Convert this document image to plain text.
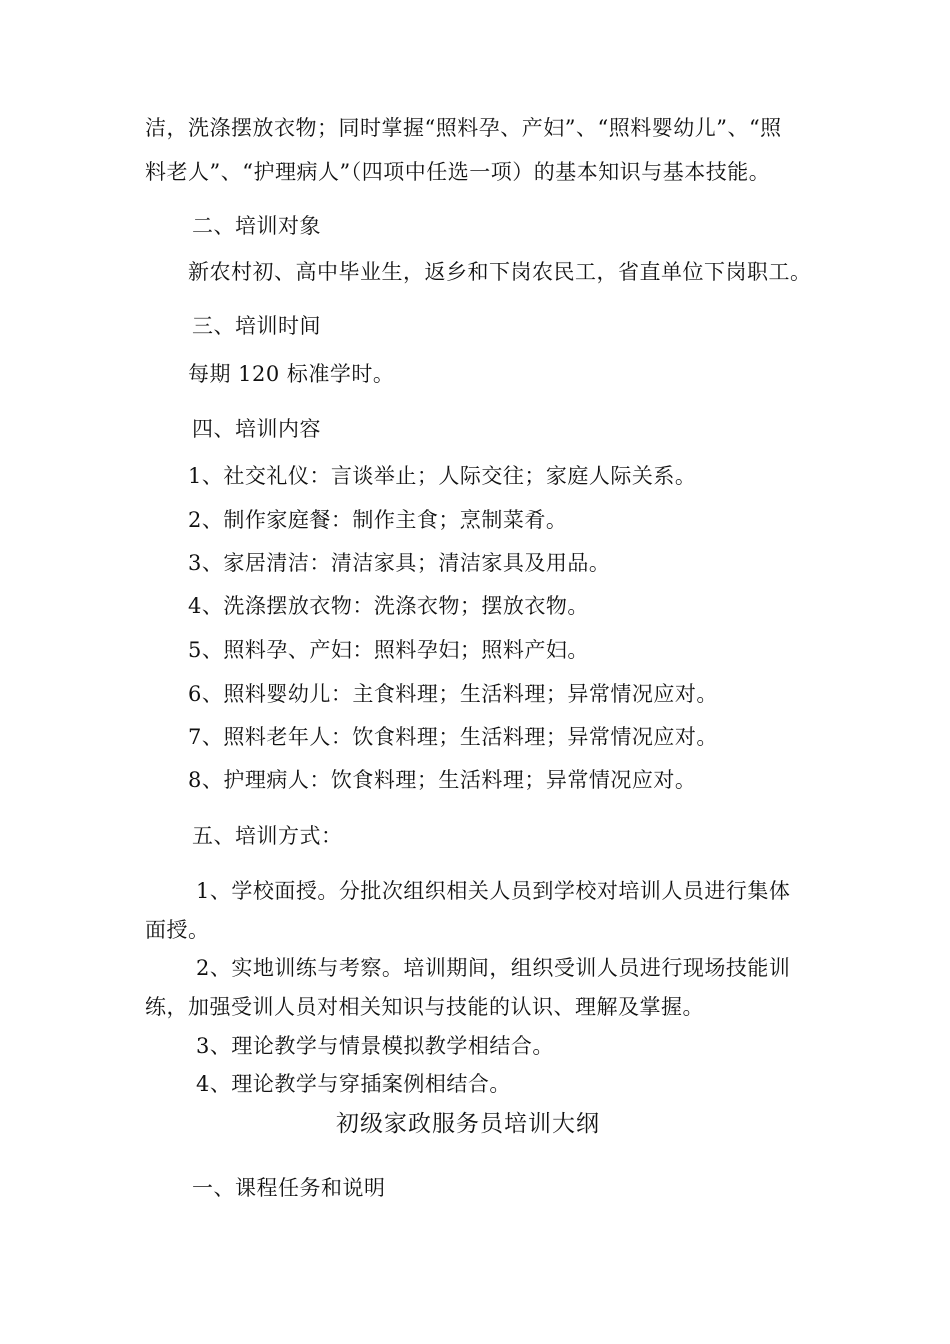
洁，洗涤摆放衣物；同时掌握“照料孕、产妇”、“照料婴幼儿”、“照
料老人”、“护理病人”（四项中任选一项）的基本知识与基本技能。
二、培训对象
新农村初、高中毕业生，返乡和下岗农民工，省直单位下岗职工。
三、培训时间
每期 120 标准学时。
四、培训内容
1、社交礼仪：言谈举止；人际交往；家庭人际关系。
2、制作家庭餐：制作主食；烹制菜肴。
3、家居清洁：清洁家具；清洁家具及用品。
4、洗涤摆放衣物：洗涤衣物；摆放衣物。
5、照料孕、产妇：照料孕妇；照料产妇。
6、照料婴幼儿：主食料理；生活料理；异常情况应对。
7、照料老年人：饮食料理；生活料理；异常情况应对。
8、护理病人：饮食料理；生活料理；异常情况应对。
五、培训方式：
1、学校面授。分批次组织相关人员到学校对培训人员进行集体
面授。
2、实地训练与考察。培训期间，组织受训人员进行现场技能训
练，加强受训人员对相关知识与技能的认识、理解及掌握。
3、理论教学与情景模拟教学相结合。
4、理论教学与穿插案例相结合。
初级家政服务员培训大纲
一、课程任务和说明
